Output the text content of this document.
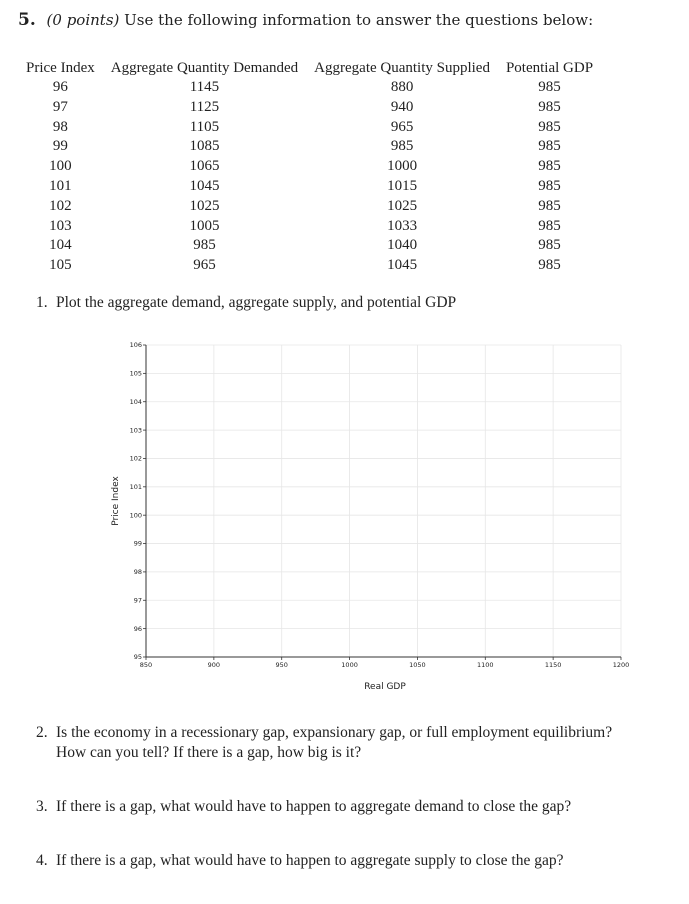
5. (0 points) Use the following information to answer the questions below:
Price Index	Aggregate Quantity Demanded	Aggregate Quantity Supplied	Potential GDP
96	1145	880	985
97	1125	940	985
98	1105	965	985
99	1085	985	985
100	1065	1000	985
101	1045	1015	985
102	1025	1025	985
103	1005	1033	985
104	985	1040	985
105	965	1045	985
1. Plot the aggregate demand, aggregate supply, and potential GDP
850	900	950	1000	1050	1100	1150	1200
95
96
97
98
99
100
101
102
103
104
105
106
Real GDP
Price Index
2. Is the economy in a recessionary gap, expansionary gap, or full employment equilibrium?
How can you tell? If there is a gap, how big is it?
3. If there is a gap, what would have to happen to aggregate demand to close the gap?
4. If there is a gap, what would have to happen to aggregate supply to close the gap?
